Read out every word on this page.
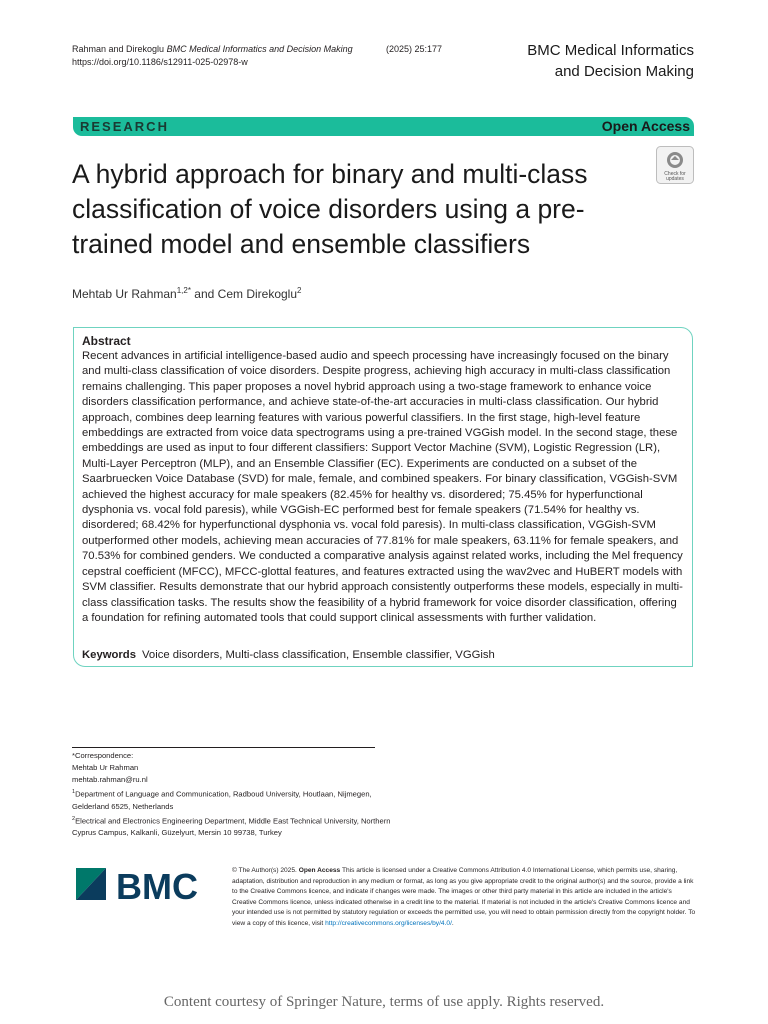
Rahman and Direkoglu BMC Medical Informatics and Decision Making
https://doi.org/10.1186/s12911-025-02978-w
(2025) 25:177	BMC Medical Informatics
and Decision Making
RESEARCH	Open Access
A hybrid approach for binary and multi-class classification of voice disorders using a pre-trained model and ensemble classifiers
Check for
updates
Mehtab Ur Rahman$^{1,2*}$ and Cem Direkoglu$^2$
Abstract
Recent advances in artificial intelligence-based audio and speech processing have increasingly focused on the binary and multi-class classification of voice disorders. Despite progress, achieving high accuracy in multi-class classification remains challenging. This paper proposes a novel hybrid approach using a two-stage framework to enhance voice disorders classification performance, and achieve state-of-the-art accuracies in multi-class classification. Our hybrid approach, combines deep learning features with various powerful classifiers. In the first stage, high-level feature embeddings are extracted from voice data spectrograms using a pre-trained VGGish model. In the second stage, these embeddings are used as input to four different classifiers: Support Vector Machine (SVM), Logistic Regression (LR), Multi-Layer Perceptron (MLP), and an Ensemble Classifier (EC). Experiments are conducted on a subset of the Saarbruecken Voice Database (SVD) for male, female, and combined speakers. For binary classification, VGGish-SVM achieved the highest accuracy for male speakers (82.45% for healthy vs. disordered; 75.45% for hyperfunctional dysphonia vs. vocal fold paresis), while VGGish-EC performed best for female speakers (71.54% for healthy vs. disordered; 68.42% for hyperfunctional dysphonia vs. vocal fold paresis). In multi-class classification, VGGish-SVM outperformed other models, achieving mean accuracies of 77.81% for male speakers, 63.11% for female speakers, and 70.53% for combined genders. We conducted a comparative analysis against related works, including the Mel frequency cepstral coefficient (MFCC), MFCC-glottal features, and features extracted using the wav2vec and HuBERT models with SVM classifier. Results demonstrate that our hybrid approach consistently outperforms these models, especially in multi-class classification tasks. The results show the feasibility of a hybrid framework for voice disorder classification, offering a foundation for refining automated tools that could support clinical assessments with further validation.
Keywords Voice disorders, Multi-class classification, Ensemble classifier, VGGish
*Correspondence:
Mehtab Ur Rahman
mehtab.rahman@ru.nl
$^1$Department of Language and Communication, Radboud University, Houtlaan, Nijmegen, Gelderland 6525, Netherlands
$^2$Electrical and Electronics Engineering Department, Middle East Technical University, Northern Cyprus Campus, Kalkanli, Güzelyurt, Mersin 10 99738, Turkey
BMC	© The Author(s) 2025. Open Access This article is licensed under a Creative Commons Attribution 4.0 International License, which permits use, sharing, adaptation, distribution and reproduction in any medium or format, as long as you give appropriate credit to the original author(s) and the source, provide a link to the Creative Commons licence, and indicate if changes were made. The images or other third party material in this article are included in the article's Creative Commons licence, unless indicated otherwise in a credit line to the material. If material is not included in the article's Creative Commons licence and your intended use is not permitted by statutory regulation or exceeds the permitted use, you will need to obtain permission directly from the copyright holder. To view a copy of this licence, visit http://creativecommons.org/licenses/by/4.0/.
Content courtesy of Springer Nature, terms of use apply. Rights reserved.
